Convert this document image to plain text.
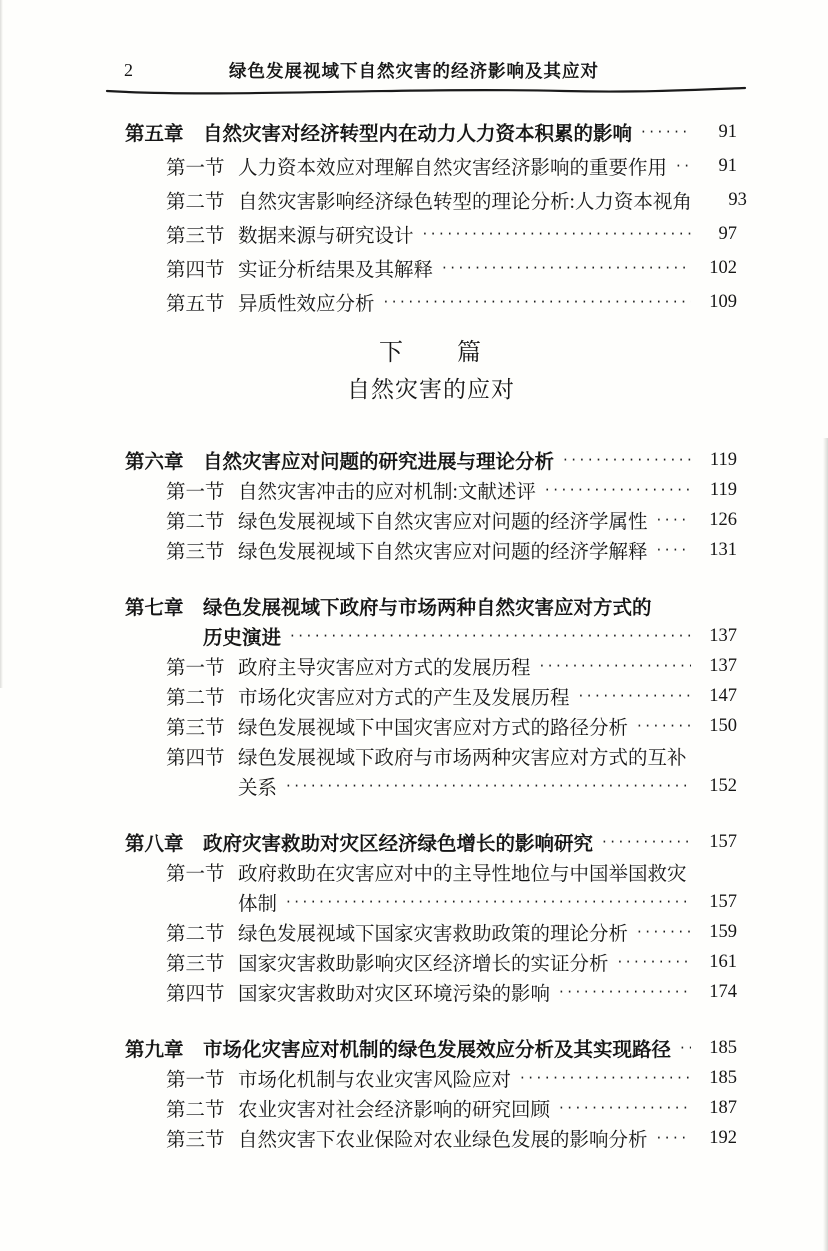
2	绿色发展视域下自然灾害的经济影响及其应对
第五章 自然灾害对经济转型内在动力人力资本积累的影响 ·····	91
第一节 人力资本效应对理解自然灾害经济影响的重要作用 ·····	91
第二节 自然灾害影响经济绿色转型的理论分析:人力资本视角	93
第三节 数据来源与研究设计 ·····	97
第四节 实证分析结果及其解释 ·····	102
第五节 异质性效应分析 ·····	109
下　　篇
自然灾害的应对
第六章 自然灾害应对问题的研究进展与理论分析 ·····	119
第一节 自然灾害冲击的应对机制:文献述评 ·····	119
第二节 绿色发展视域下自然灾害应对问题的经济学属性 ·····	126
第三节 绿色发展视域下自然灾害应对问题的经济学解释 ·····	131
第七章 绿色发展视域下政府与市场两种自然灾害应对方式的
历史演进 ·····	137
第一节 政府主导灾害应对方式的发展历程 ·····	137
第二节 市场化灾害应对方式的产生及发展历程 ·····	147
第三节 绿色发展视域下中国灾害应对方式的路径分析 ·····	150
第四节 绿色发展视域下政府与市场两种灾害应对方式的互补
关系 ·····	152
第八章 政府灾害救助对灾区经济绿色增长的影响研究 ·····	157
第一节 政府救助在灾害应对中的主导性地位与中国举国救灾
体制 ·····	157
第二节 绿色发展视域下国家灾害救助政策的理论分析 ·····	159
第三节 国家灾害救助影响灾区经济增长的实证分析 ·····	161
第四节 国家灾害救助对灾区环境污染的影响 ·····	174
第九章 市场化灾害应对机制的绿色发展效应分析及其实现路径 ·····	185
第一节 市场化机制与农业灾害风险应对 ·····	185
第二节 农业灾害对社会经济影响的研究回顾 ·····	187
第三节 自然灾害下农业保险对农业绿色发展的影响分析 ·····	192
